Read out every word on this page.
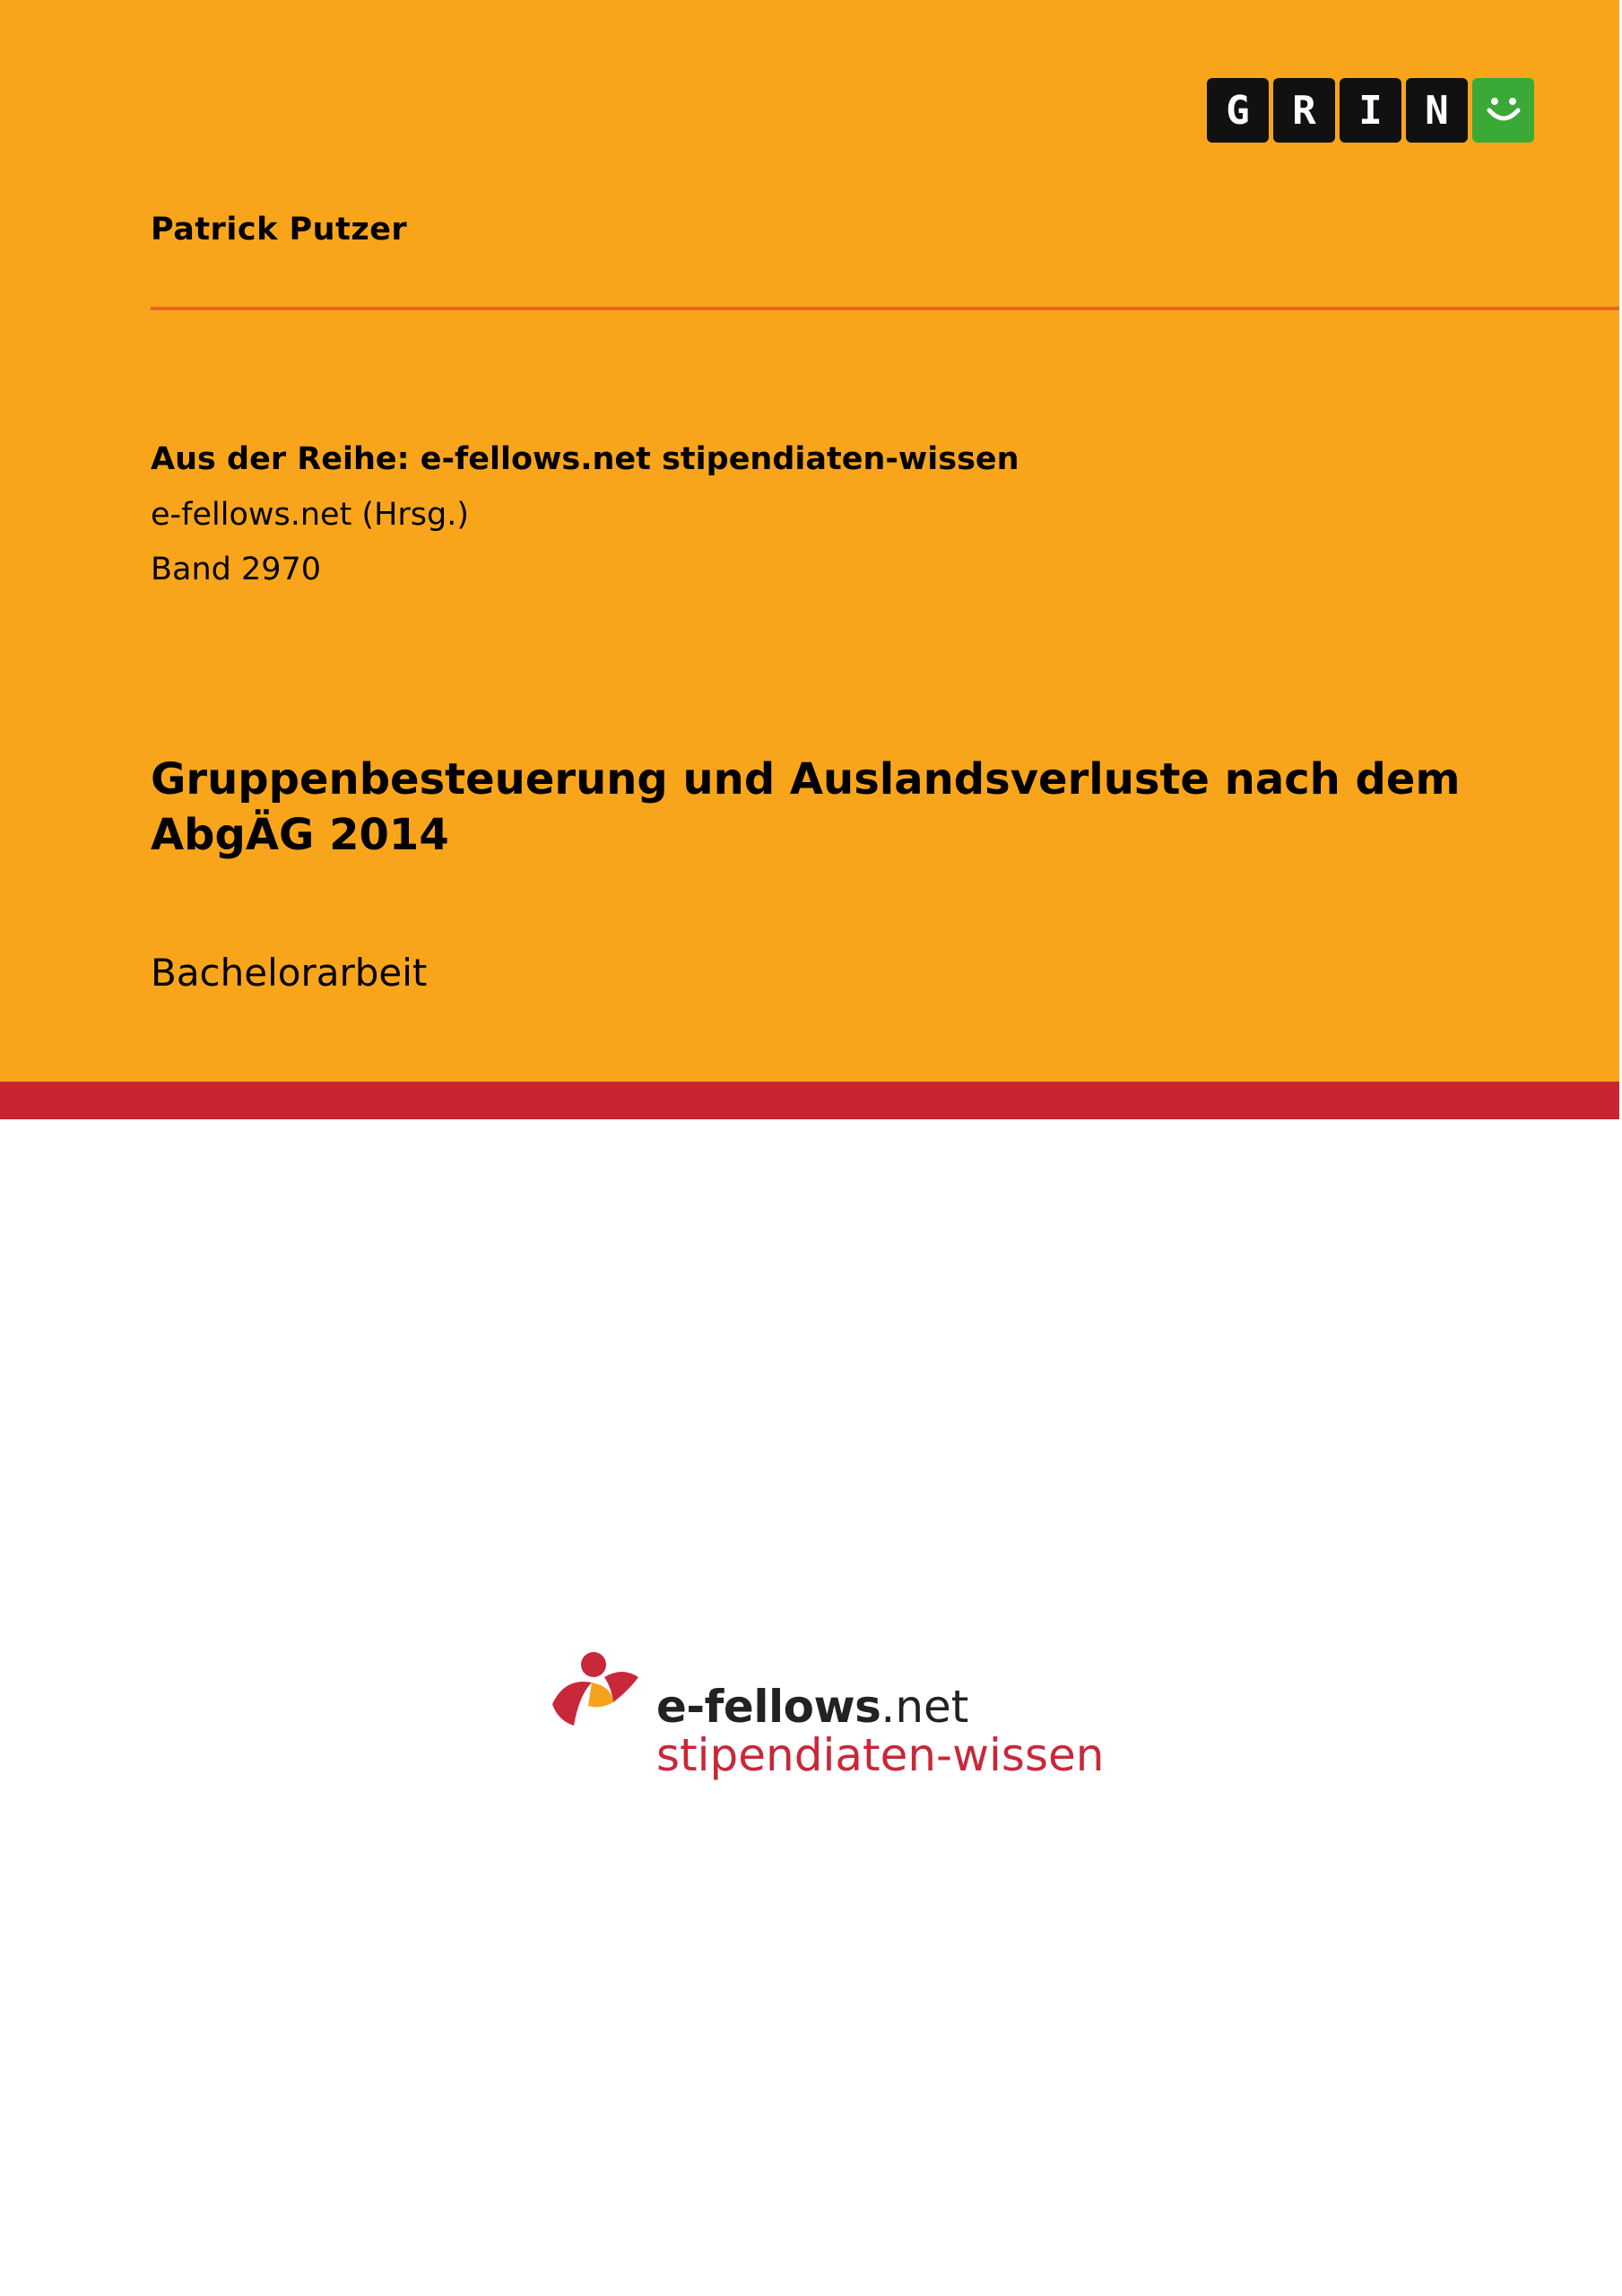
G	R	I	N
Patrick Putzer
Aus der Reihe: e-fellows.net stipendiaten-wissen
e-fellows.net (Hrsg.)
Band 2970
Gruppenbesteuerung und Auslandsverluste nach dem AbgÄG 2014
Bachelorarbeit
e-fellows.net
stipendiaten-wissen
